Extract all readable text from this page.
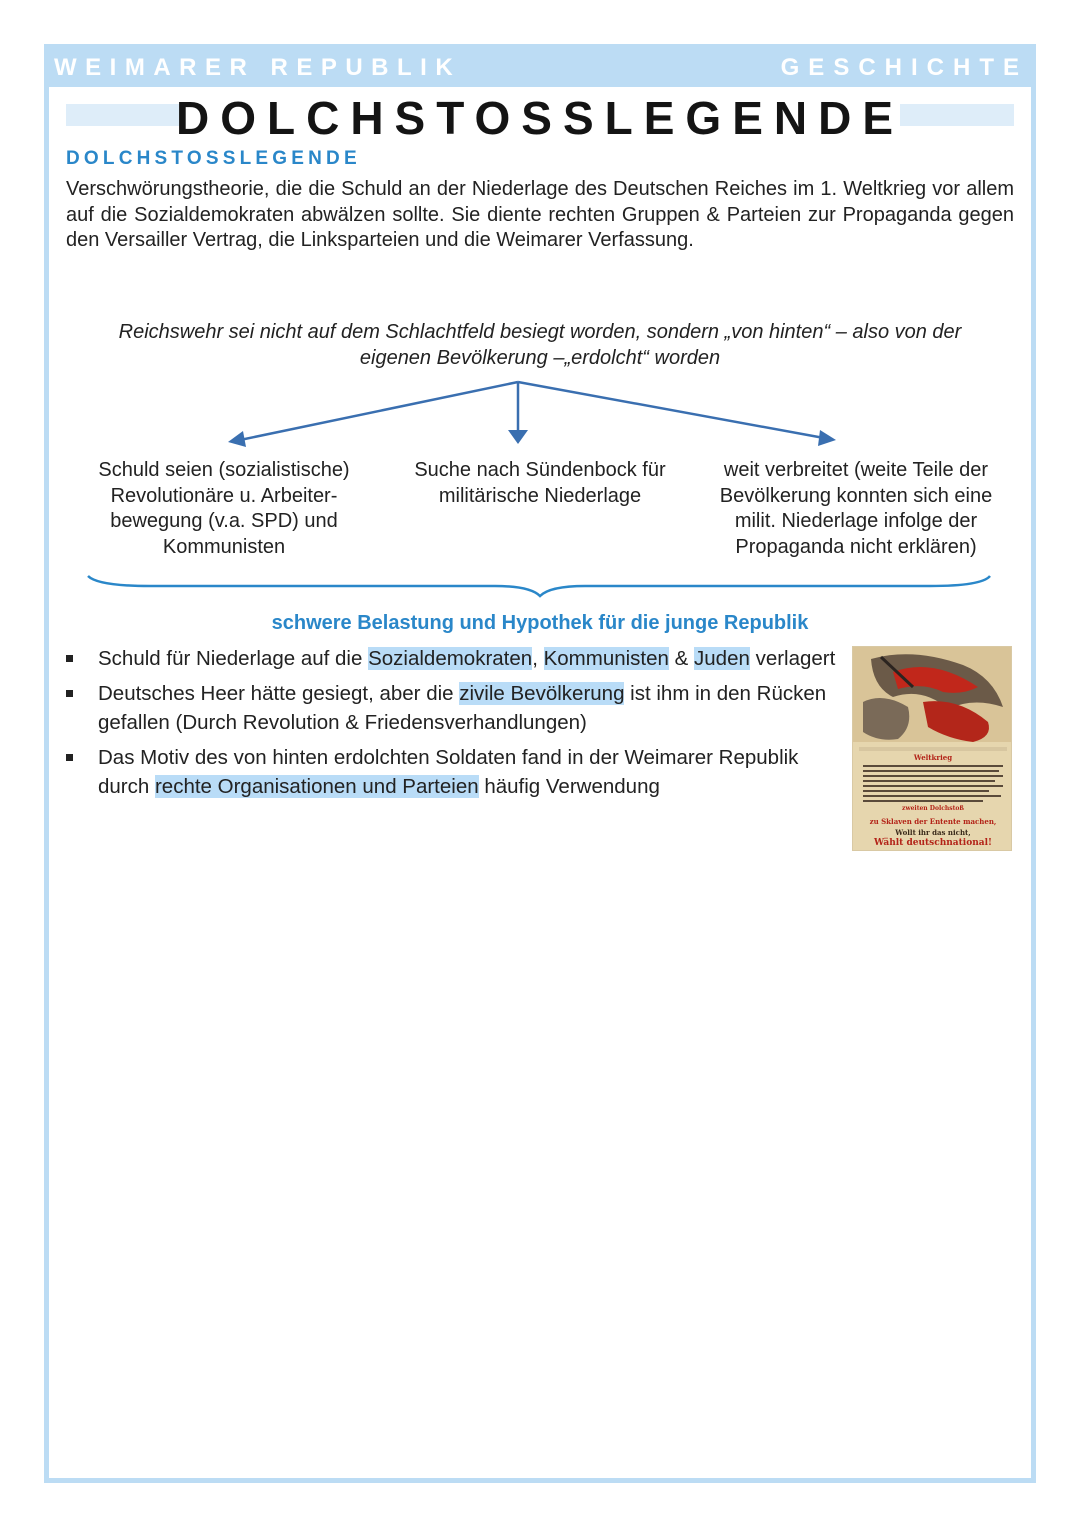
WEIMARER REPUBLIK	GESCHICHTE
DOLCHSTOSSLEGENDE
DOLCHSTOSSLEGENDE
Verschwörungstheorie, die die Schuld an der Niederlage des Deutschen Reiches im 1. Weltkrieg vor allem auf die Sozialdemokraten abwälzen sollte. Sie diente rechten Gruppen & Parteien zur Propaganda gegen den Versailler Vertrag, die Linksparteien und die Weimarer Verfassung.
Reichswehr sei nicht auf dem Schlachtfeld besiegt worden, sondern „von hinten“ – also von der
eigenen Bevölkerung –„erdolcht“ worden
Schuld seien (sozialistische) Revolutionäre u. Arbeiter-bewegung (v.a. SPD) und Kommunisten
Suche nach Sündenbock für militärische Niederlage
weit verbreitet (weite Teile der Bevölkerung konnten sich eine milit. Niederlage infolge der Propaganda nicht erklären)
schwere Belastung und Hypothek für die junge Republik
Schuld für Niederlage auf die Sozialdemokraten, Kommunisten & Juden verlagert
Deutsches Heer hätte gesiegt, aber die zivile Bevölkerung ist ihm in den Rücken gefallen (Durch Revolution & Friedensverhandlungen)
Das Motiv des von hinten erdolchten Soldaten fand in der Weimarer Republik durch rechte Organisationen und Parteien häufig Verwendung
Weltkrieg
zweiten Dolchstoß
zu Sklaven der Entente machen,
Wollt ihr das nicht,
Wählt deutschnational!
